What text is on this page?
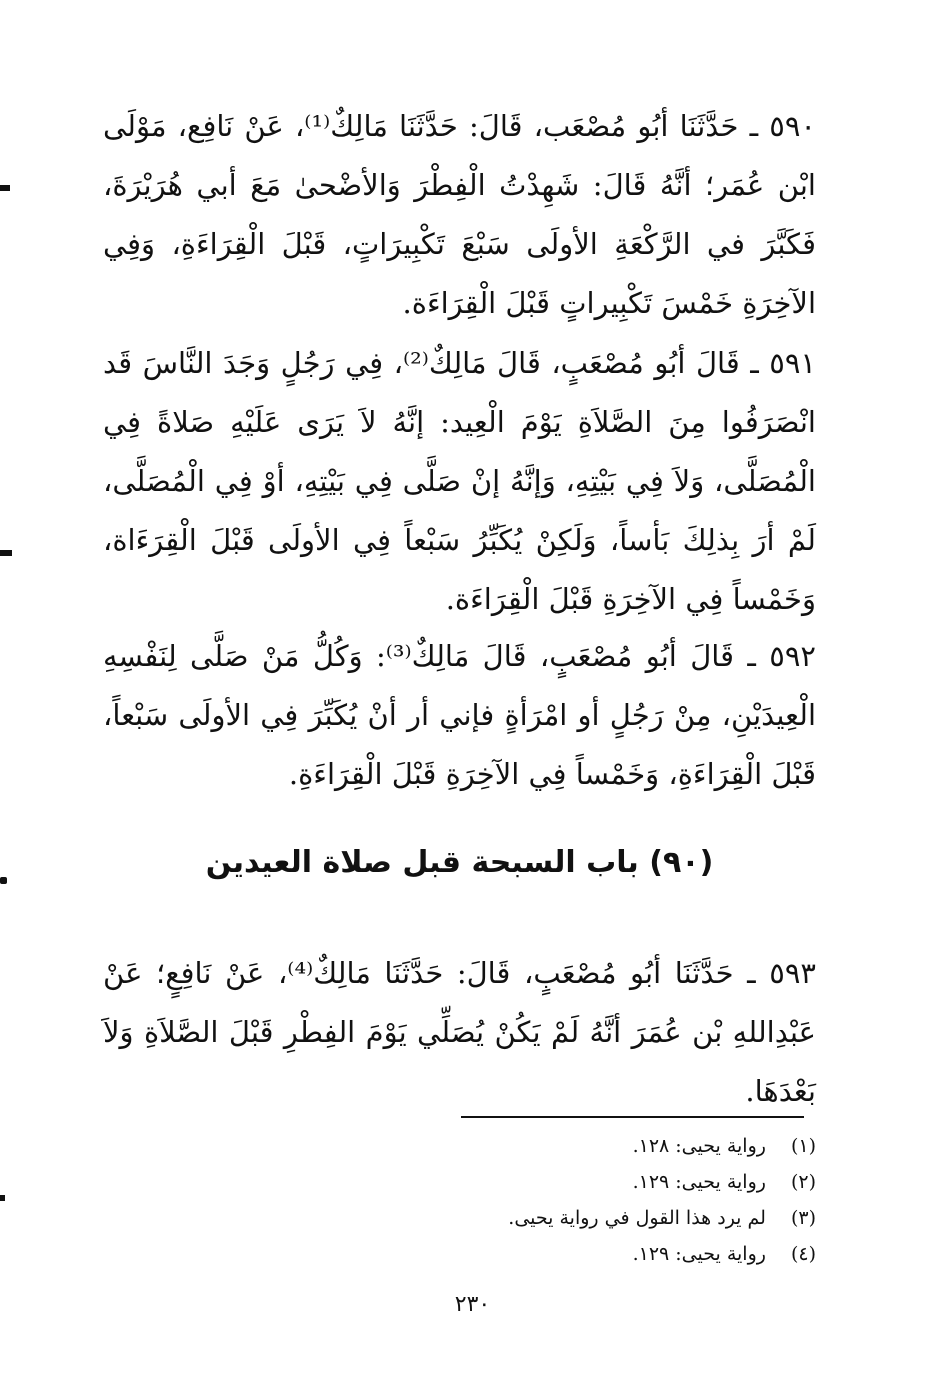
٥٩٠ ـ حَدَّثَنَا أبُو مُصْعَب، قَالَ: حَدَّثَنَا مَالِكٌ⁽¹⁾، عَنْ نَافِع، مَوْلَى ابْن عُمَر؛ أنَّهُ قَالَ: شَهِدْتُ الْفِطْرَ وَالأضْحىٰ مَعَ أبي هُرَيْرَةَ، فَكَبَّرَ في الرَّكْعَةِ الأولَى سَبْعَ تَكْبِيرَاتٍ، قَبْلَ الْقِرَاءَةِ، وَفِي الآخِرَةِ خَمْسَ تَكْبِيراتٍ قَبْلَ الْقِرَاءَة.

٥٩١ ـ قَالَ أبُو مُصْعَبٍ، قَالَ مَالِكٌ⁽²⁾، فِي رَجُلٍ وَجَدَ النَّاسَ قَد انْصَرَفُوا مِنَ الصَّلاَةِ يَوْمَ الْعِيد: إنَّهُ لاَ يَرَى عَلَيْهِ صَلاةً فِي الْمُصَلَّى، وَلاَ فِي بَيْتِهِ، وَإنَّهُ إنْ صَلَّى فِي بَيْتِهِ، أوْ فِي الْمُصَلَّى، لَمْ أرَ بِذلِكَ بَأساً، وَلَكِنْ يُكَبِّرُ سَبْعاً فِي الأولَى قَبْلَ الْقِرَءَاة، وَخَمْساً فِي الآخِرَةِ قَبْلَ الْقِرَاءَة.

٥٩٢ ـ قَالَ أبُو مُصْعَبٍ، قَالَ مَالِكٌ⁽³⁾: وَكُلُّ مَنْ صَلَّى لِنَفْسِهِ الْعِيدَيْنِ، مِنْ رَجُلٍ أو امْرَأةٍ فإني أر أنْ يُكَبِّرَ فِي الأولَى سَبْعاً، قَبْلَ الْقِرَاءَةِ، وَخَمْساً فِي الآخِرَةِ قَبْلَ الْقِرَاءَةِ.

(٩٠) باب السبحة قبل صلاة العيدين

٥٩٣ ـ حَدَّثَنَا أبُو مُصْعَبٍ، قَالَ: حَدَّثَنَا مَالِكٌ⁽⁴⁾، عَنْ نَافِعٍ؛ عَنْ عَبْدِاللهِ بْن عُمَرَ أنَّهُ لَمْ يَكُنْ يُصَلِّي يَوْمَ الفِطْرِ قَبْلَ الصَّلاَةِ وَلاَ بَعْدَهَا.

(١) رواية يحيى: ١٢٨.
(٢) رواية يحيى: ١٢٩.
(٣) لم يرد هذا القول في رواية يحيى.
(٤) رواية يحيى: ١٢٩.
٢٣٠
